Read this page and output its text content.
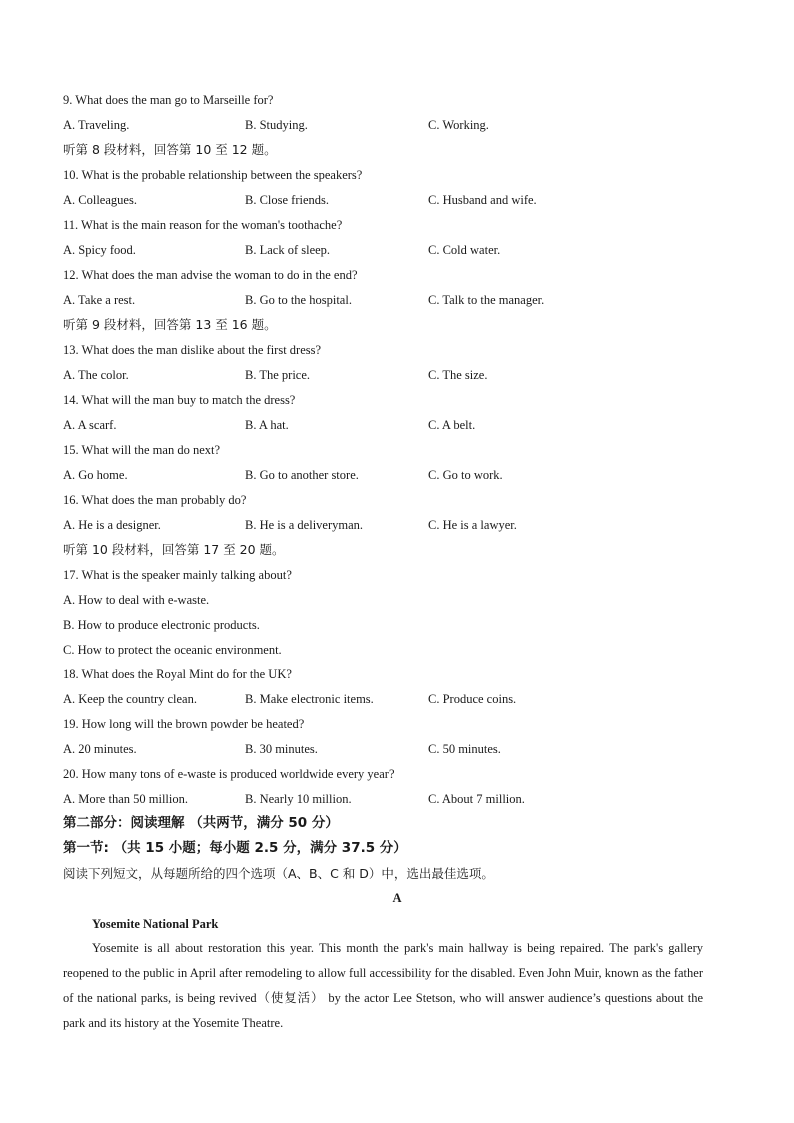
9. What does the man go to Marseille for?
A. Traveling.	B. Studying.	C. Working.
听第 8 段材料，回答第 10 至 12 题。
10. What is the probable relationship between the speakers?
A. Colleagues.	B. Close friends.	C. Husband and wife.
11. What is the main reason for the woman's toothache?
A. Spicy food.	B. Lack of sleep.	C. Cold water.
12. What does the man advise the woman to do in the end?
A. Take a rest.	B. Go to the hospital.	C. Talk to the manager.
听第 9 段材料，回答第 13 至 16 题。
13. What does the man dislike about the first dress?
A. The color.	B. The price.	C. The size.
14. What will the man buy to match the dress?
A. A scarf.	B. A hat.	C. A belt.
15. What will the man do next?
A. Go home.	B. Go to another store.	C. Go to work.
16. What does the man probably do?
A. He is a designer.	B. He is a deliveryman.	C. He is a lawyer.
听第 10 段材料，回答第 17 至 20 题。
17. What is the speaker mainly talking about?
A. How to deal with e-waste.
B. How to produce electronic products.
C. How to protect the oceanic environment.
18. What does the Royal Mint do for the UK?
A. Keep the country clean.	B. Make electronic items.	C. Produce coins.
19. How long will the brown powder be heated?
A. 20 minutes.	B. 30 minutes.	C. 50 minutes.
20. How many tons of e-waste is produced worldwide every year?
A. More than 50 million.	B. Nearly 10 million.	C. About 7 million.
第二部分：阅读理解 （共两节，满分 50 分）
第一节: （共 15 小题；每小题 2.5 分，满分 37.5 分）
阅读下列短文，从每题所给的四个选项（A、B、C 和 D）中，选出最佳选项。
A
Yosemite National Park
Yosemite is all about restoration this year. This month the park's main hallway is being repaired. The park's gallery reopened to the public in April after remodeling to allow full accessibility for the disabled. Even John Muir, known as the father of the national parks, is being revived（使复活） by the actor Lee Stetson, who will answer audience’s questions about the park and its history at the Yosemite Theatre.
